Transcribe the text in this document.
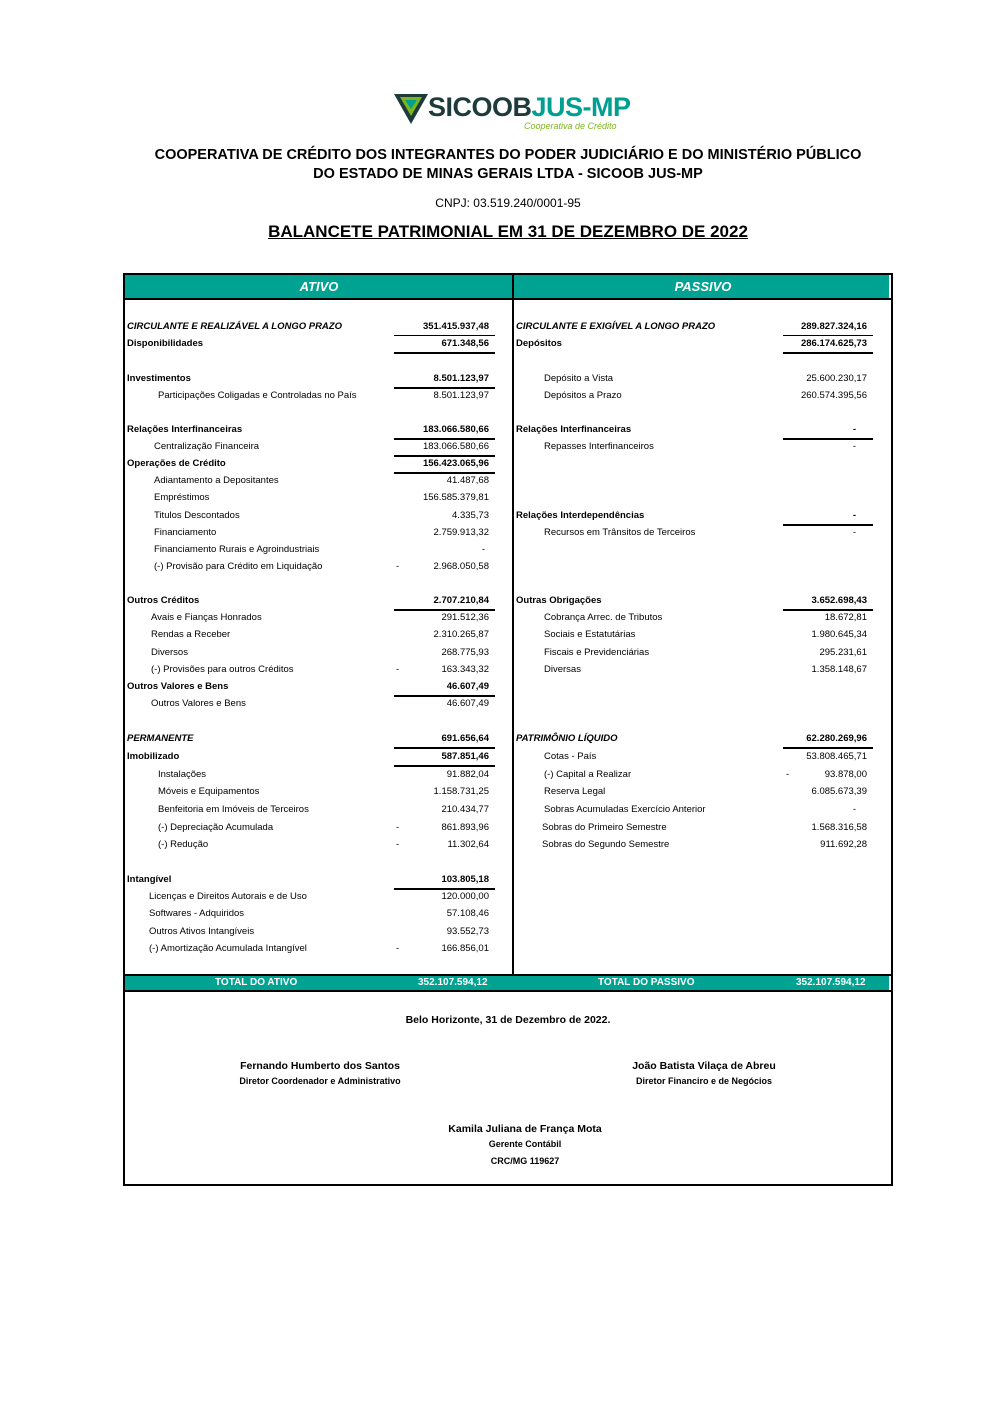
SICOOBJUS-MP
Cooperativa de Crédito
COOPERATIVA DE CRÉDITO DOS INTEGRANTES DO PODER JUDICIÁRIO E DO MINISTÉRIO PÚBLICO
DO ESTADO DE MINAS GERAIS LTDA - SICOOB JUS-MP
CNPJ: 03.519.240/0001-95
BALANCETE PATRIMONIAL EM 31 DE DEZEMBRO DE 2022
ATIVO	PASSIVO
TOTAL DO ATIVO	352.107.594,12	TOTAL DO PASSIVO	352.107.594,12
CIRCULANTE E REALIZÁVEL A LONGO PRAZO	351.415.937,48
Disponibilidades	671.348,56
Investimentos	8.501.123,97
Participações Coligadas e Controladas no País	8.501.123,97
Relações Interfinanceiras	183.066.580,66
Centralização Financeira	183.066.580,66
Operações de Crédito	156.423.065,96
Adiantamento a Depositantes	41.487,68
Empréstimos	156.585.379,81
Titulos Descontados	4.335,73
Financiamento	2.759.913,32
Financiamento Rurais e Agroindustriais	-
(-) Provisão para Crédito em Liquidação	-	2.968.050,58
Outros Créditos	2.707.210,84
Avais e Fianças Honrados	291.512,36
Rendas a Receber	2.310.265,87
Diversos	268.775,93
(-) Provisões para outros Créditos	-	163.343,32
Outros Valores e Bens	46.607,49
Outros Valores e Bens	46.607,49
PERMANENTE	691.656,64
Imobilizado	587.851,46
Instalações	91.882,04
Móveis e Equipamentos	1.158.731,25
Benfeitoria em Imóveis de Terceiros	210.434,77
(-) Depreciação Acumulada	-	861.893,96
(-) Redução	-	11.302,64
Intangível	103.805,18
Licenças e Direitos Autorais e de Uso	120.000,00
Softwares - Adquiridos	57.108,46
Outros Ativos Intangíveis	93.552,73
(-) Amortização Acumulada Intangível	-	166.856,01
CIRCULANTE E EXIGÍVEL A LONGO PRAZO	289.827.324,16
Depósitos	286.174.625,73
Depósito a Vista	25.600.230,17
Depósitos a Prazo	260.574.395,56
Relações Interfinanceiras	-
Repasses Interfinanceiros	-
Relações Interdependências	-
Recursos em Trânsitos de Terceiros	-
Outras Obrigações	3.652.698,43
Cobrança Arrec. de Tributos	18.672,81
Sociais e Estatutárias	1.980.645,34
Fiscais e Previdenciárias	295.231,61
Diversas	1.358.148,67
PATRIMÔNIO LÍQUIDO	62.280.269,96
Cotas - País	53.808.465,71
(-) Capital a Realizar	-	93.878,00
Reserva Legal	6.085.673,39
Sobras Acumuladas Exercício Anterior	-
Sobras do Primeiro Semestre	1.568.316,58
Sobras do Segundo Semestre	911.692,28
Belo Horizonte, 31 de Dezembro de 2022.
Fernando Humberto dos Santos
Diretor Coordenador e Administrativo
João Batista Vilaça de Abreu
Diretor Financiro e de Negócios
Kamila Juliana de França Mota
Gerente Contábil
CRC/MG 119627
